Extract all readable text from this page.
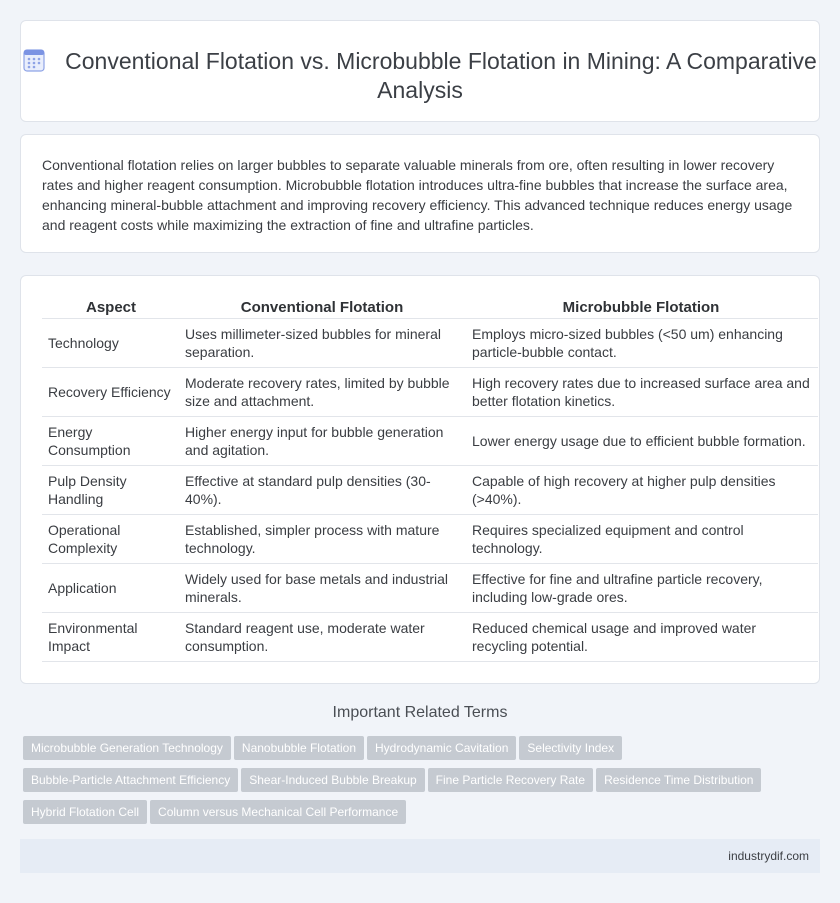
Conventional Flotation vs. Microbubble Flotation in Mining: A Comparative Analysis

Conventional flotation relies on larger bubbles to separate valuable minerals from ore, often resulting in lower recovery rates and higher reagent consumption. Microbubble flotation introduces ultra-fine bubbles that increase the surface area, enhancing mineral-bubble attachment and improving recovery efficiency. This advanced technique reduces energy usage and reagent costs while maximizing the extraction of fine and ultrafine particles.

Aspect	Conventional Flotation	Microbubble Flotation
Technology	Uses millimeter-sized bubbles for mineral separation.	Employs micro-sized bubbles (<50 um) enhancing particle-bubble contact.
Recovery Efficiency	Moderate recovery rates, limited by bubble size and attachment.	High recovery rates due to increased surface area and better flotation kinetics.
Energy Consumption	Higher energy input for bubble generation and agitation.	Lower energy usage due to efficient bubble formation.
Pulp Density Handling	Effective at standard pulp densities (30-40%).	Capable of high recovery at higher pulp densities (>40%).
Operational Complexity	Established, simpler process with mature technology.	Requires specialized equipment and control technology.
Application	Widely used for base metals and industrial minerals.	Effective for fine and ultrafine particle recovery, including low-grade ores.
Environmental Impact	Standard reagent use, moderate water consumption.	Reduced chemical usage and improved water recycling potential.
Important Related Terms
Microbubble Generation Technology Nanobubble Flotation Hydrodynamic Cavitation Selectivity Index
Bubble-Particle Attachment Efficiency Shear-Induced Bubble Breakup Fine Particle Recovery Rate Residence Time Distribution
Hybrid Flotation Cell Column versus Mechanical Cell Performance
industrydif.com
